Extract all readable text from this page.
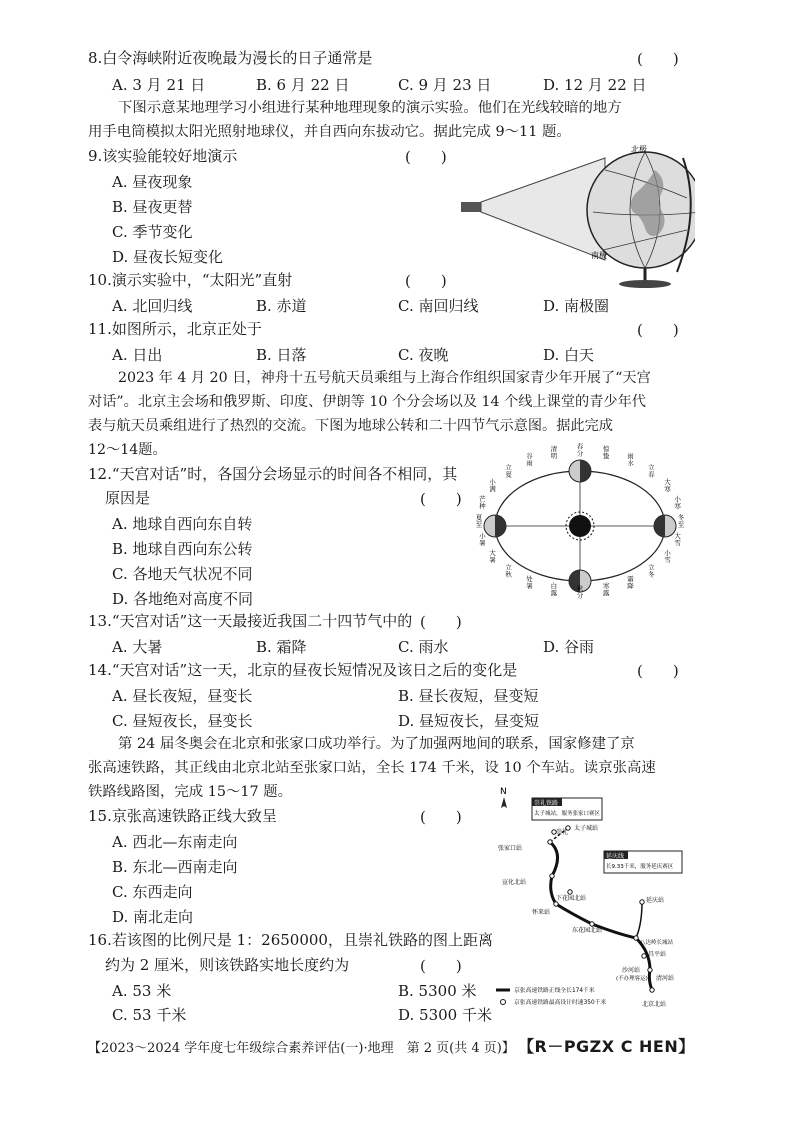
8.白令海峡附近夜晚最为漫长的日子通常是	(　　)
A. 3 月 21 日	B. 6 月 22 日	C. 9 月 23 日	D. 12 月 22 日
下图示意某地理学习小组进行某种地理现象的演示实验。他们在光线较暗的地方
用手电筒模拟太阳光照射地球仪，并自西向东拔动它。据此完成 9～11 题。
9.该实验能较好地演示	(　　)
A. 昼夜现象
B. 昼夜更替
C. 季节变化
D. 昼夜长短变化
北极
南极
10.演示实验中，“太阳光”直射	(　　)
A. 北回归线	B. 赤道	C. 南回归线	D. 南极圈
11.如图所示，北京正处于	(　　)
A. 日出	B. 日落	C. 夜晚	D. 白天
2023 年 4 月 20 日，神舟十五号航天员乘组与上海合作组织国家青少年开展了“天宫
对话”。北京主会场和俄罗斯、印度、伊朗等 10 个分会场以及 14 个线上课堂的青少年代
表与航天员乘组进行了热烈的交流。下图为地球公转和二十四节气示意图。据此完成
12～14题。
12.“天宫对话”时，各国分会场显示的时间各不相同，其
原因是	(　　)
A. 地球自西向东自转
B. 地球自西向东公转
C. 各地天气状况不同
D. 各地绝对高度不同
春分
清明
谷雨
立夏
小满
芒种
夏至
小暑
大暑
立秋
处暑	白露
秋分
寒露
霜降
立冬
小雪
大雪
冬至
小寒
大寒
立春
雨水
惊蛰
13.“天宫对话”这一天最接近我国二十四节气中的 (　　)
A. 大暑	B. 霜降	C. 雨水	D. 谷雨
14.“天宫对话”这一天，北京的昼夜长短情况及该日之后的变化是	(　　)
A. 昼长夜短，昼变长	B. 昼长夜短，昼变短
C. 昼短夜长，昼变长	D. 昼短夜长，昼变短
第 24 届冬奥会在北京和张家口成功举行。为了加强两地间的联系，国家修建了京
张高速铁路，其正线由北京北站至张家口站，全长 174 千米，设 10 个车站。读京张高速
铁路线路图，完成 15～17 题。
15.京张高速铁路正线大致呈	(　　)
A. 西北—东南走向
B. 东北—西南走向
C. 东西走向
D. 南北走向
16.若该图的比例尺是 1：2650000，且崇礼铁路的图上距离
约为 2 厘米，则该铁路实地长度约为	(　　)
A. 53 米	B. 5300 米
C. 53 千米	D. 5300 千米
N
崇礼铁路
太子城站，服务张家口赛区
延庆线
长9.33千米，服务延庆赛区
太子城站
崇礼
张家口站
宣化北站
下花园北站
怀来站
东花园北站
延庆站
八达岭长城站
昌平站
清河站
北京北站
沙河站
(不办理客运)
京张高速铁路正线全长174千米
京张高速铁路最高设计时速350千米
【2023～2024 学年度七年级综合素养评估(一)·地理　第 2 页(共 4 页)】 【R－PGZX C HEN】
